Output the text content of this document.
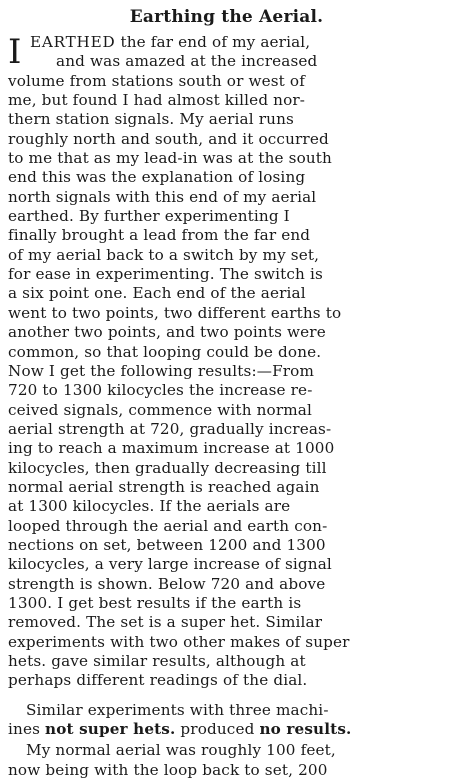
Earthing the Aerial.
I EARTHED the far end of my aerial,
and was amazed at the increased
volume from stations south or west of
me, but found I had almost killed nor-
thern station signals. My aerial runs
roughly north and south, and it occurred
to me that as my lead-in was at the south
end this was the explanation of losing
north signals with this end of my aerial
earthed. By further experimenting I
finally brought a lead from the far end
of my aerial back to a switch by my set,
for ease in experimenting. The switch is
a six point one. Each end of the aerial
went to two points, two different earths to
another two points, and two points were
common, so that looping could be done.
Now I get the following results:—From
720 to 1300 kilocycles the increase re-
ceived signals, commence with normal
aerial strength at 720, gradually increas-
ing to reach a maximum increase at 1000
kilocycles, then gradually decreasing till
normal aerial strength is reached again
at 1300 kilocycles. If the aerials are
looped through the aerial and earth con-
nections on set, between 1200 and 1300
kilocycles, a very large increase of signal
strength is shown. Below 720 and above
1300. I get best results if the earth is
removed. The set is a super het. Similar
experiments with two other makes of super
hets. gave similar results, although at
perhaps different readings of the dial.
Similar experiments with three machi-
ines not super hets. produced no results.
My normal aerial was roughly 100 feet,
now being with the loop back to set, 200
